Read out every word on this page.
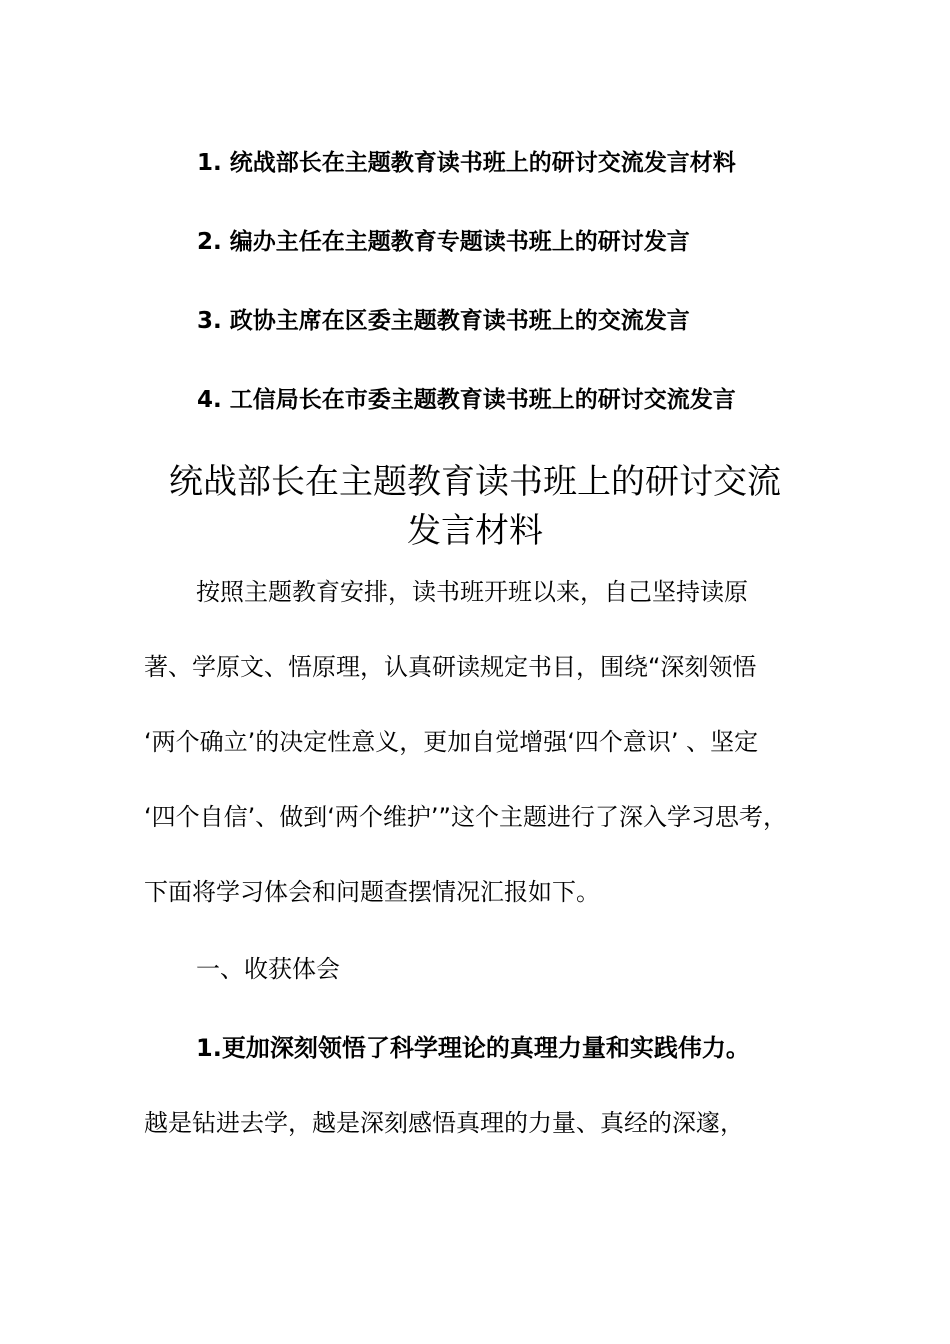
1. 统战部长在主题教育读书班上的研讨交流发言材料
2. 编办主任在主题教育专题读书班上的研讨发言
3. 政协主席在区委主题教育读书班上的交流发言
4. 工信局长在市委主题教育读书班上的研讨交流发言
统战部长在主题教育读书班上的研讨交流
发言材料
按照主题教育安排，读书班开班以来，自己坚持读原
著、学原文、悟原理，认真研读规定书目，围绕“深刻领悟
‘两个确立’的决定性意义，更加自觉增强‘四个意识’ 、坚定
‘四个自信’、做到‘两个维护’”这个主题进行了深入学习思考，
下面将学习体会和问题查摆情况汇报如下。
一、收获体会
1.更加深刻领悟了科学理论的真理力量和实践伟力。
越是钻进去学，越是深刻感悟真理的力量、真经的深邃，
